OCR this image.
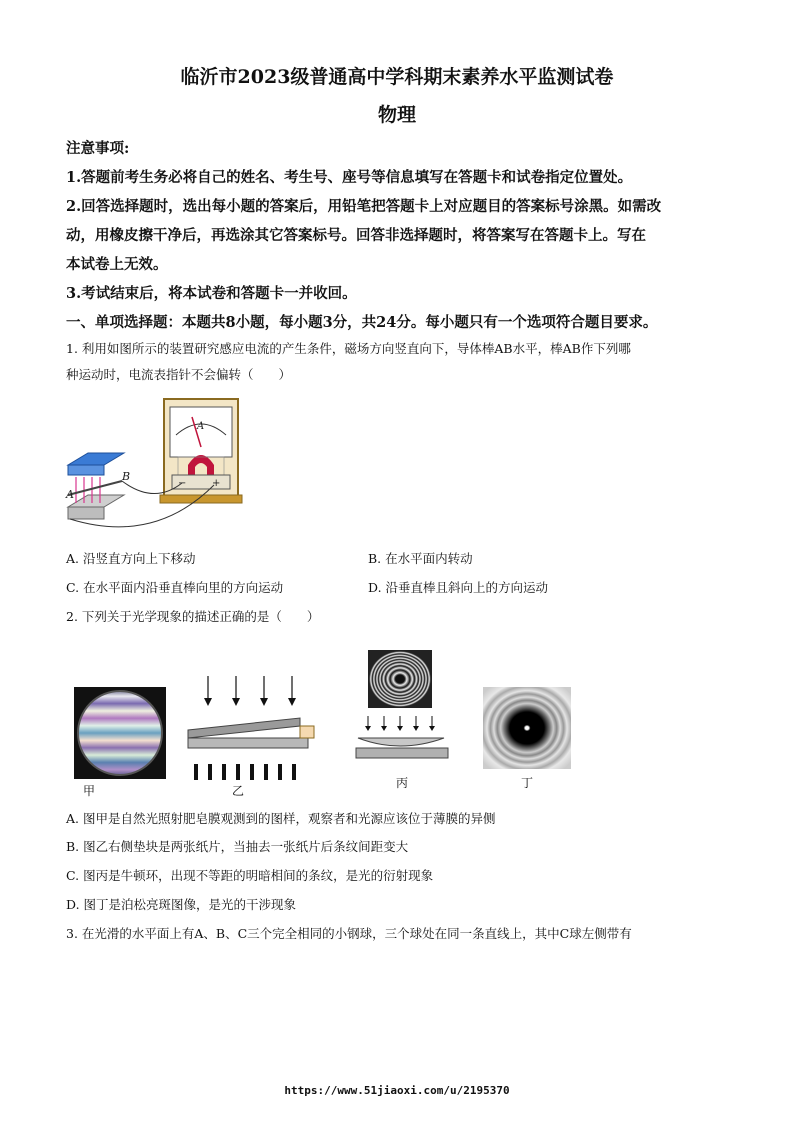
临沂市2023级普通高中学科期末素养水平监测试卷
物理
注意事项:
1.答题前考生务必将自己的姓名、考生号、座号等信息填写在答题卡和试卷指定位置处。
2.回答选择题时，选出每小题的答案后，用铅笔把答题卡上对应题目的答案标号涂黑。如需改
动，用橡皮擦干净后，再选涂其它答案标号。回答非选择题时，将答案写在答题卡上。写在
本试卷上无效。
3.考试结束后，将本试卷和答题卡一并收回。
一、单项选择题：本题共8小题，每小题3分，共24分。每小题只有一个选项符合题目要求。
1. 利用如图所示的装置研究感应电流的产生条件，磁场方向竖直向下，导体棒AB水平，棒AB作下列哪
种运动时，电流表指针不会偏转（　　）
A
−	+
A
B
A. 沿竖直方向上下移动	B. 在水平面内转动
C. 在水平面内沿垂直棒向里的方向运动	D. 沿垂直棒且斜向上的方向运动
2. 下列关于光学现象的描述正确的是（　　）
甲	乙
丙	丁
A. 图甲是自然光照射肥皂膜观测到的图样，观察者和光源应该位于薄膜的异侧
B. 图乙右侧垫块是两张纸片，当抽去一张纸片后条纹间距变大
C. 图丙是牛顿环，出现不等距的明暗相间的条纹，是光的衍射现象
D. 图丁是泊松亮斑图像，是光的干涉现象
3. 在光滑的水平面上有A、B、C三个完全相同的小钢球，三个球处在同一条直线上，其中C球左侧带有
https://www.51jiaoxi.com/u/2195370
